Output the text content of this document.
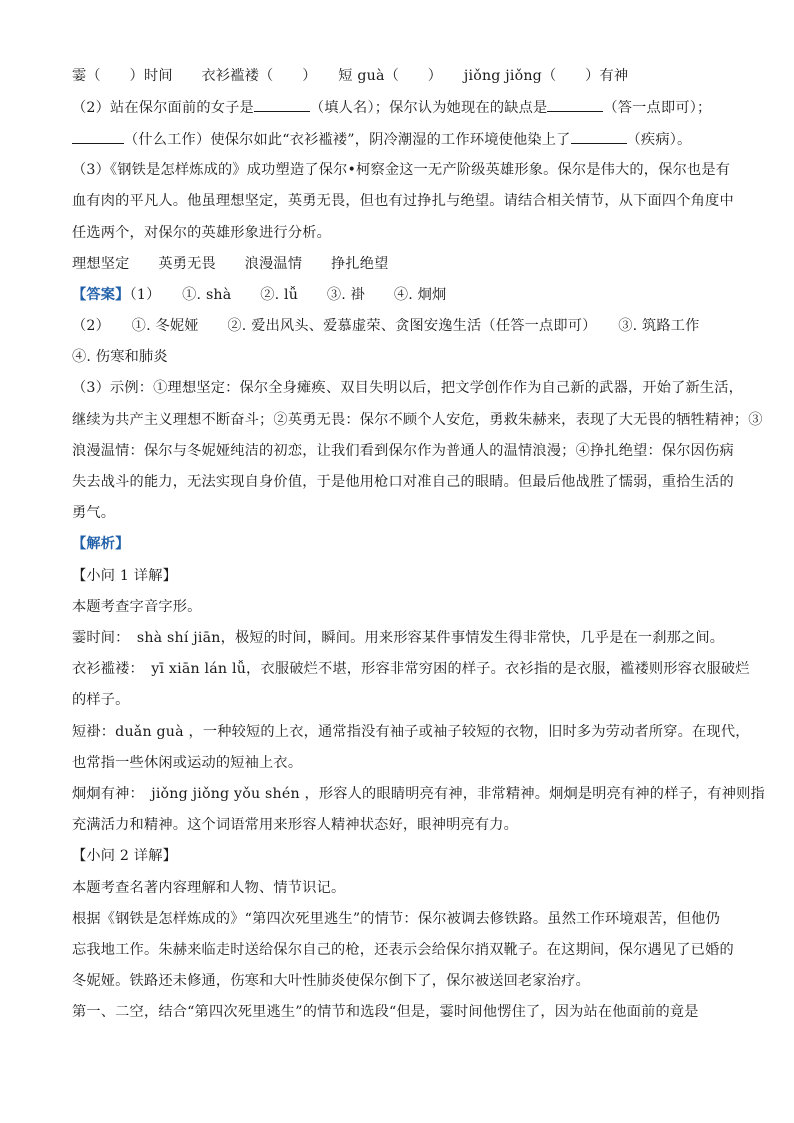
霎（　　）时间　　衣衫褴褛（　　）　　短 guà（　　）　　jiǒng jiǒng（　　）有神
（2）站在保尔面前的女子是	（填人名）；保尔认为她现在的缺点是	（答一点即可）；
（什么工作）使保尔如此“衣衫褴褛”，阴冷潮湿的工作环境使他染上了	（疾病）。
（3）《钢铁是怎样炼成的》成功塑造了保尔•柯察金这一无产阶级英雄形象。保尔是伟大的，保尔也是有
血有肉的平凡人。他虽理想坚定，英勇无畏，但也有过挣扎与绝望。请结合相关情节，从下面四个角度中
任选两个，对保尔的英雄形象进行分析。
理想坚定　　英勇无畏　　浪漫温情　　挣扎绝望
【答案】（1）　　①. shà　　②. lǚ　　③. 褂　　④. 炯炯
（2）　　①. 冬妮娅　　②. 爱出风头、爱慕虚荣、贪图安逸生活（任答一点即可）　　③. 筑路工作
④. 伤寒和肺炎
（3）示例：①理想坚定：保尔全身瘫痪、双目失明以后，把文学创作作为自己新的武器，开始了新生活，
继续为共产主义理想不断奋斗；②英勇无畏：保尔不顾个人安危，勇救朱赫来，表现了大无畏的牺牲精神；③
浪漫温情：保尔与冬妮娅纯洁的初恋，让我们看到保尔作为普通人的温情浪漫；④挣扎绝望：保尔因伤病
失去战斗的能力，无法实现自身价值，于是他用枪口对准自己的眼睛。但最后他战胜了懦弱，重拾生活的
勇气。
【解析】
【小问 1 详解】
本题考查字音字形。
霎时间：　shà shí jiān，极短的时间，瞬间。用来形容某件事情发生得非常快，几乎是在一刹那之间。
衣衫褴褛：　yī xiān lán lǚ，衣服破烂不堪，形容非常穷困的样子。衣衫指的是衣服，褴褛则形容衣服破烂
的样子。
短褂：duǎn guà ，一种较短的上衣，通常指没有袖子或袖子较短的衣物，旧时多为劳动者所穿。在现代，
也常指一些休闲或运动的短袖上衣。
炯炯有神：　jiǒng jiǒng yǒu shén ，形容人的眼睛明亮有神，非常精神。炯炯是明亮有神的样子，有神则指
充满活力和精神。这个词语常用来形容人精神状态好，眼神明亮有力。
【小问 2 详解】
本题考查名著内容理解和人物、情节识记。
根据《钢铁是怎样炼成的》“第四次死里逃生”的情节：保尔被调去修铁路。虽然工作环境艰苦，但他仍
忘我地工作。朱赫来临走时送给保尔自己的枪，还表示会给保尔捎双靴子。在这期间，保尔遇见了已婚的
冬妮娅。铁路还未修通，伤寒和大叶性肺炎使保尔倒下了，保尔被送回老家治疗。
第一、二空，结合“第四次死里逃生”的情节和选段“但是，霎时间他愣住了，因为站在他面前的竟是
